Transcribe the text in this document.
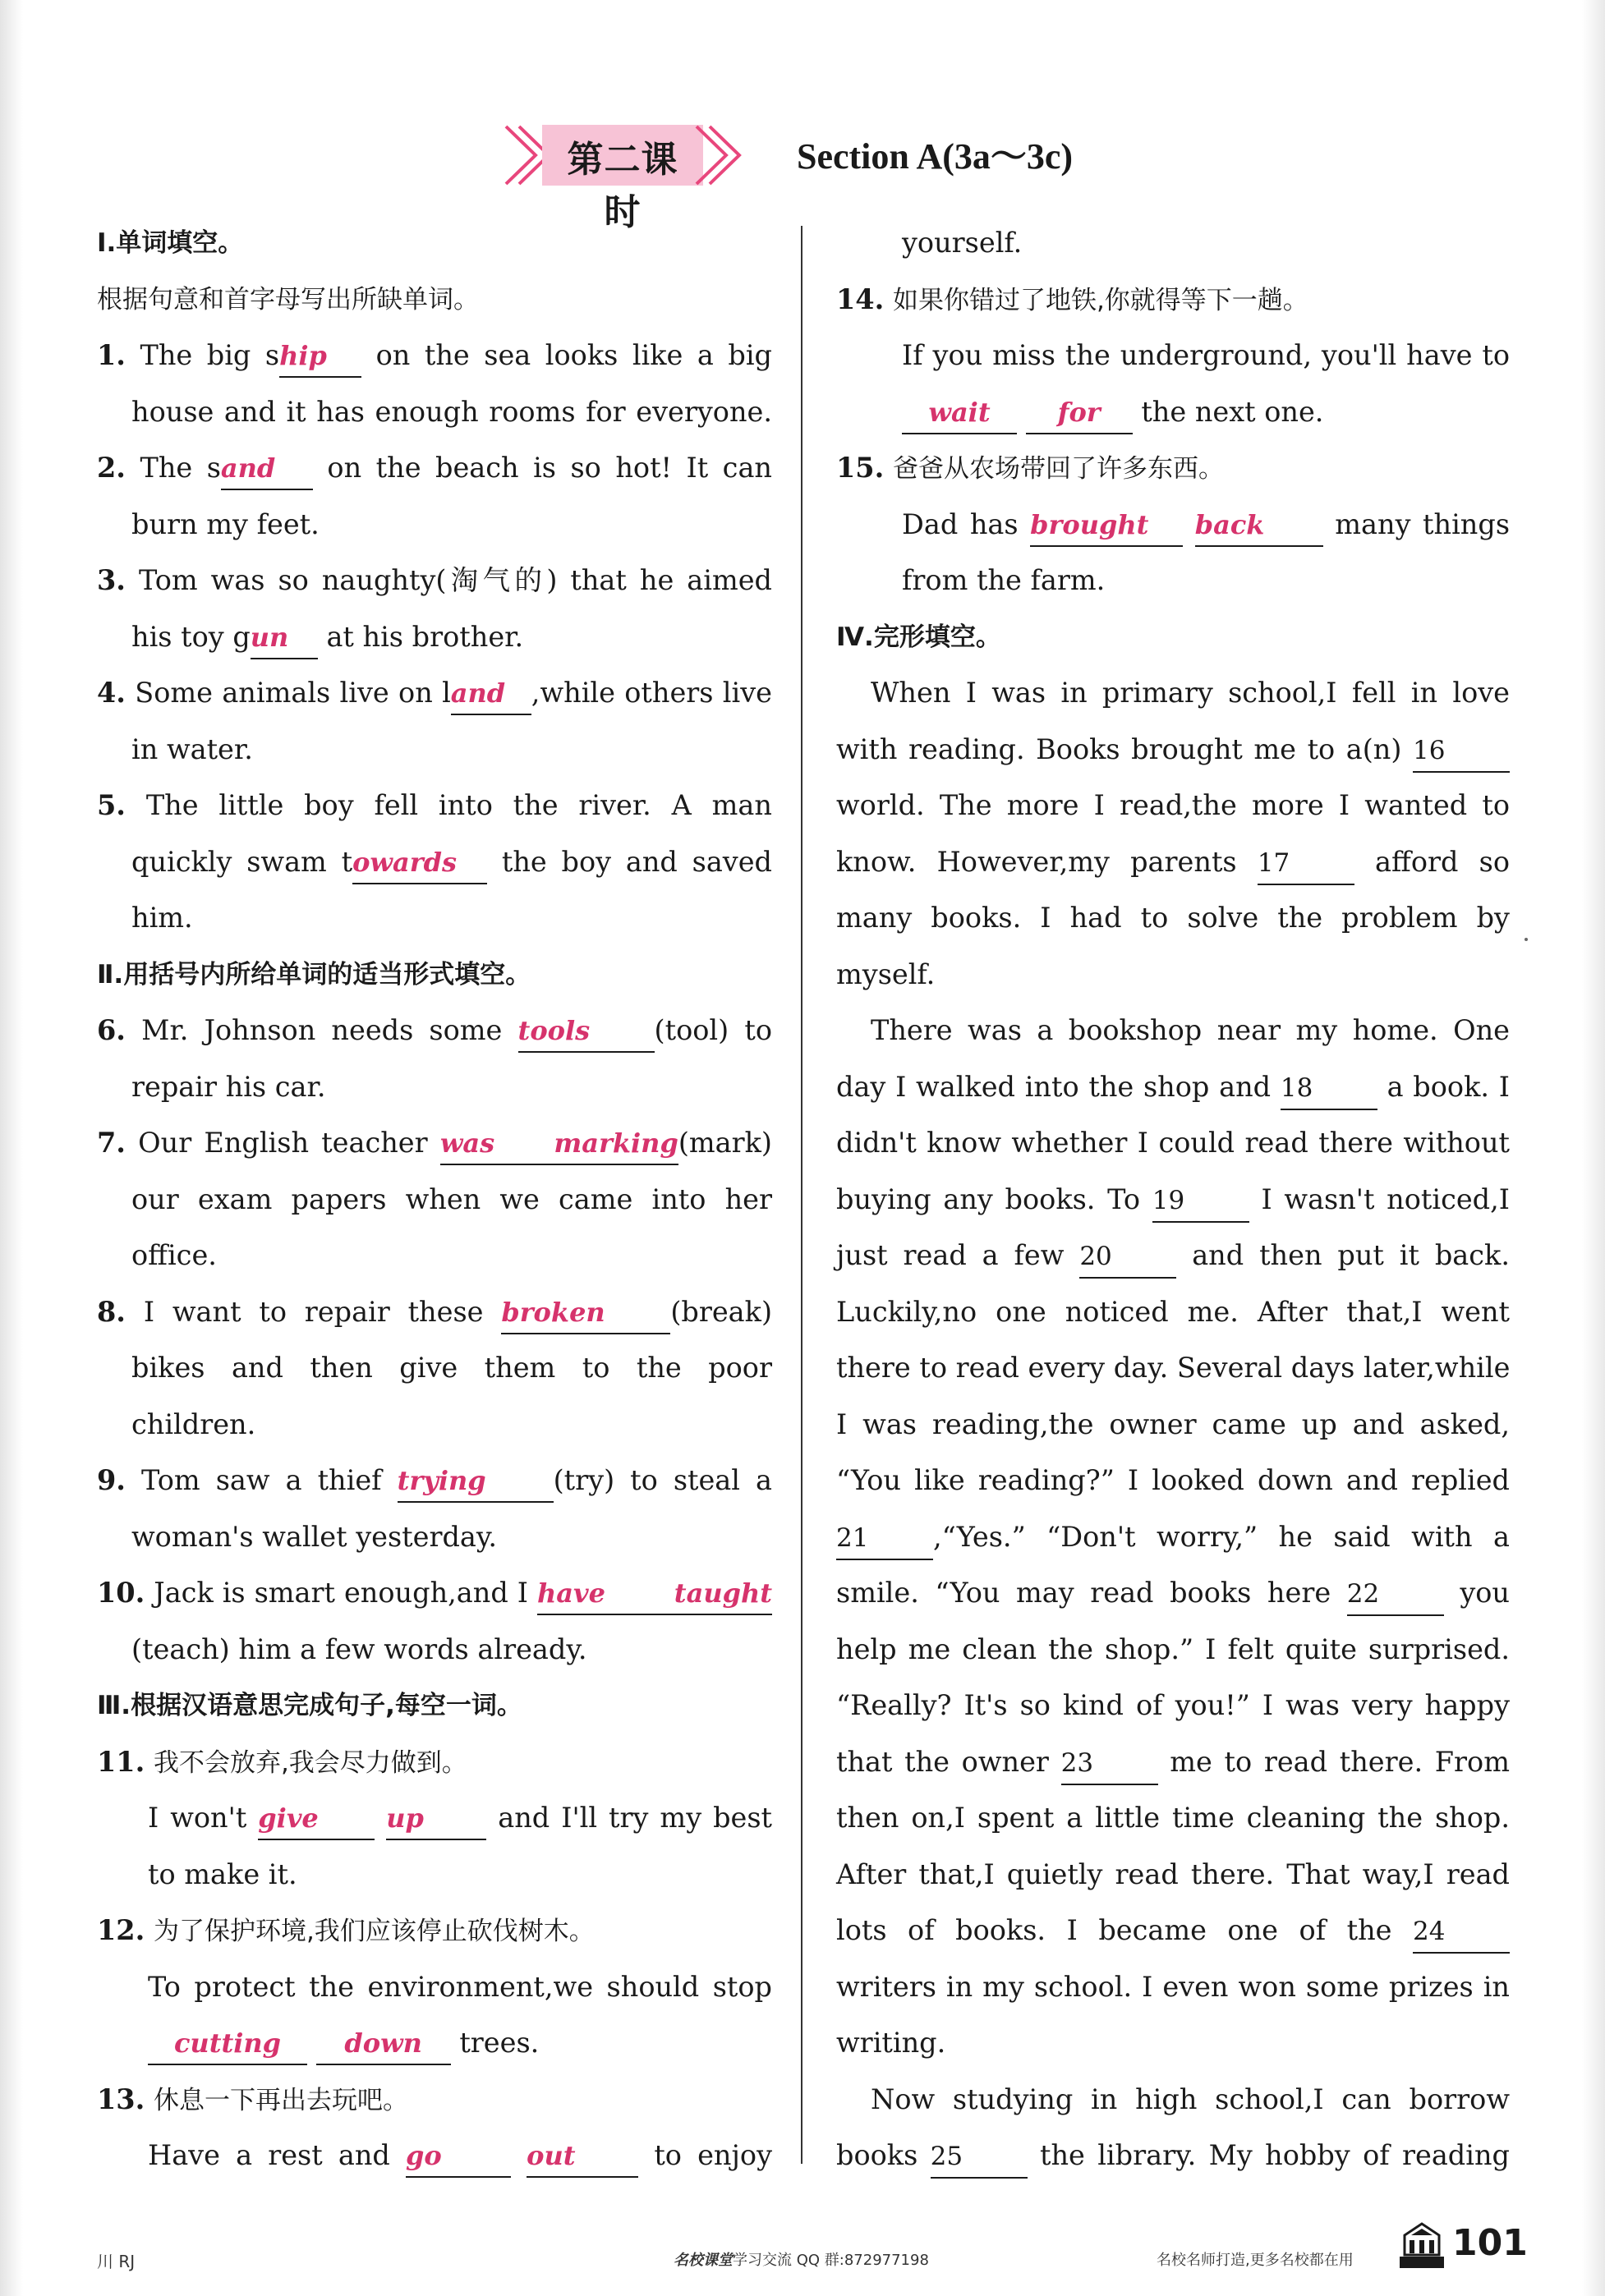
第二课时
Section A(3a～3c)
Ⅰ.单词填空。
根据句意和首字母写出所缺单词。
1. The big ship on the sea looks like a big
house and it has enough rooms for everyone.
2. The sand on the beach is so hot! It can
burn my feet.
3. Tom was so naughty(淘气的) that he aimed
his toy gun at his brother.
4. Some animals live on land ,while others live
in water.
5. The little boy fell into the river. A man
quickly swam towards the boy and saved
him.
Ⅱ.用括号内所给单词的适当形式填空。
6. Mr. Johnson needs some tools (tool) to
repair his car.
7. Our English teacher was marking(mark)
our exam papers when we came into her
office.
8. I want to repair these broken (break)
bikes and then give them to the poor
children.
9. Tom saw a thief trying (try) to steal a
woman's wallet yesterday.
10. Jack is smart enough,and I have taught
(teach) him a few words already.
Ⅲ.根据汉语意思完成句子,每空一词。
11. 我不会放弃,我会尽力做到。
I won't give	up	and I'll try my best
to make it.
12. 为了保护环境,我们应该停止砍伐树木。
To protect the environment,we should stop
cutting down trees.
13. 休息一下再出去玩吧。
Have a rest and go	out	to enjoy
yourself.
14. 如果你错过了地铁,你就得等下一趟。
If you miss the underground, you'll have to
wait	for the next one.
15. 爸爸从农场带回了许多东西。
Dad has brought back	many things
from the farm.
Ⅳ.完形填空。
When I was in primary school,I fell in love
with reading. Books brought me to a(n) 16
world. The more I read,the more I wanted to
know. However,my parents 17	afford so
many books. I had to solve the problem by
myself.
There was a bookshop near my home. One
day I walked into the shop and 18	a book. I
didn't know whether I could read there without
buying any books. To 19	I wasn't noticed,I
just read a few 20	and then put it back.
Luckily,no one noticed me. After that,I went
there to read every day. Several days later,while
I was reading,the owner came up and asked,
“You like reading?” I looked down and replied
21 ,“Yes.” “Don't worry,” he said with a
smile. “You may read books here 22	you
help me clean the shop.” I felt quite surprised.
“Really? It's so kind of you!” I was very happy
that the owner 23	me to read there. From
then on,I spent a little time cleaning the shop.
After that,I quietly read there. That way,I read
lots of books. I became one of the 24
writers in my school. I even won some prizes in
writing.
Now studying in high school,I can borrow
books 25	the library. My hobby of reading
川 RJ	名校课堂学习交流 QQ 群:872977198	名校名师打造,更多名校都在用	101
